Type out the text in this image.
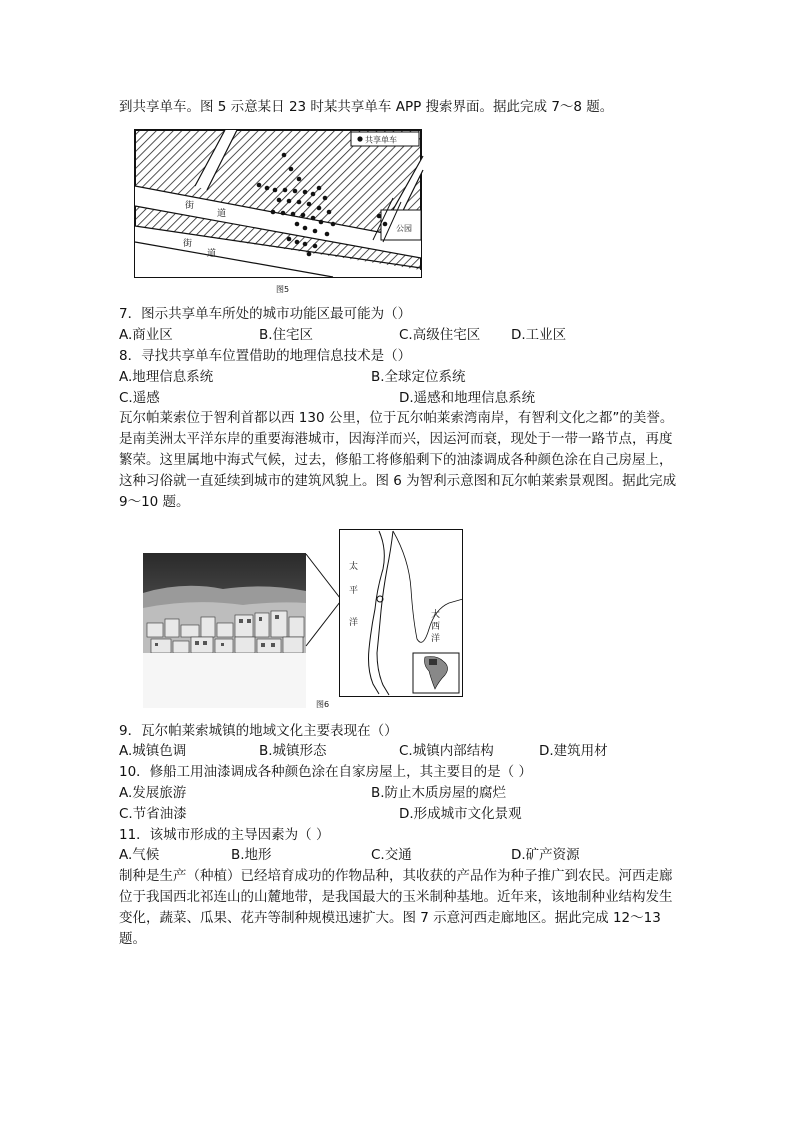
到共享单车。图 5 示意某日 23 时某共享单车 APP 搜索界面。据此完成 7～8 题。
共享单车
街
道
街
道
公园
图5
7．图示共享单车所处的城市功能区最可能为（）
A.商业区	B.住宅区	C.高级住宅区 D.工业区
8．寻找共享单车位置借助的地理信息技术是（）
A.地理信息系统	B.全球定位系统
C.遥感	D.遥感和地理信息系统
瓦尔帕莱索位于智利首都以西 130 公里，位于瓦尔帕莱索湾南岸，有智利文化之都”的美誉。是南美洲太平洋东岸的重要海港城市，因海洋而兴，因运河而衰，现处于一带一路节点，再度繁荣。这里属地中海式气候，过去，修船工将修船剩下的油漆调成各种颜色涂在自己房屋上，这种习俗就一直延续到城市的建筑风貌上。图 6 为智利示意图和瓦尔帕莱索景观图。据此完成 9～10 题。
太
平
洋
大
西
洋
图6
9．瓦尔帕莱索城镇的地域文化主要表现在（）
A.城镇色调	B.城镇形态	C.城镇内部结构	D.建筑用材
10．修船工用油漆调成各种颜色涂在自家房屋上，其主要目的是（ ）
A.发展旅游	B.防止木质房屋的腐烂
C.节省油漆	D.形成城市文化景观
11．该城市形成的主导因素为（ ）
A.气候	B.地形	C.交通	D.矿产资源
制种是生产（种植）已经培育成功的作物品种，其收获的产品作为种子推广到农民。河西走廊位于我国西北祁连山的山麓地带，是我国最大的玉米制种基地。近年来，该地制种业结构发生变化，蔬菜、瓜果、花卉等制种规模迅速扩大。图 7 示意河西走廊地区。据此完成 12～13 题。
